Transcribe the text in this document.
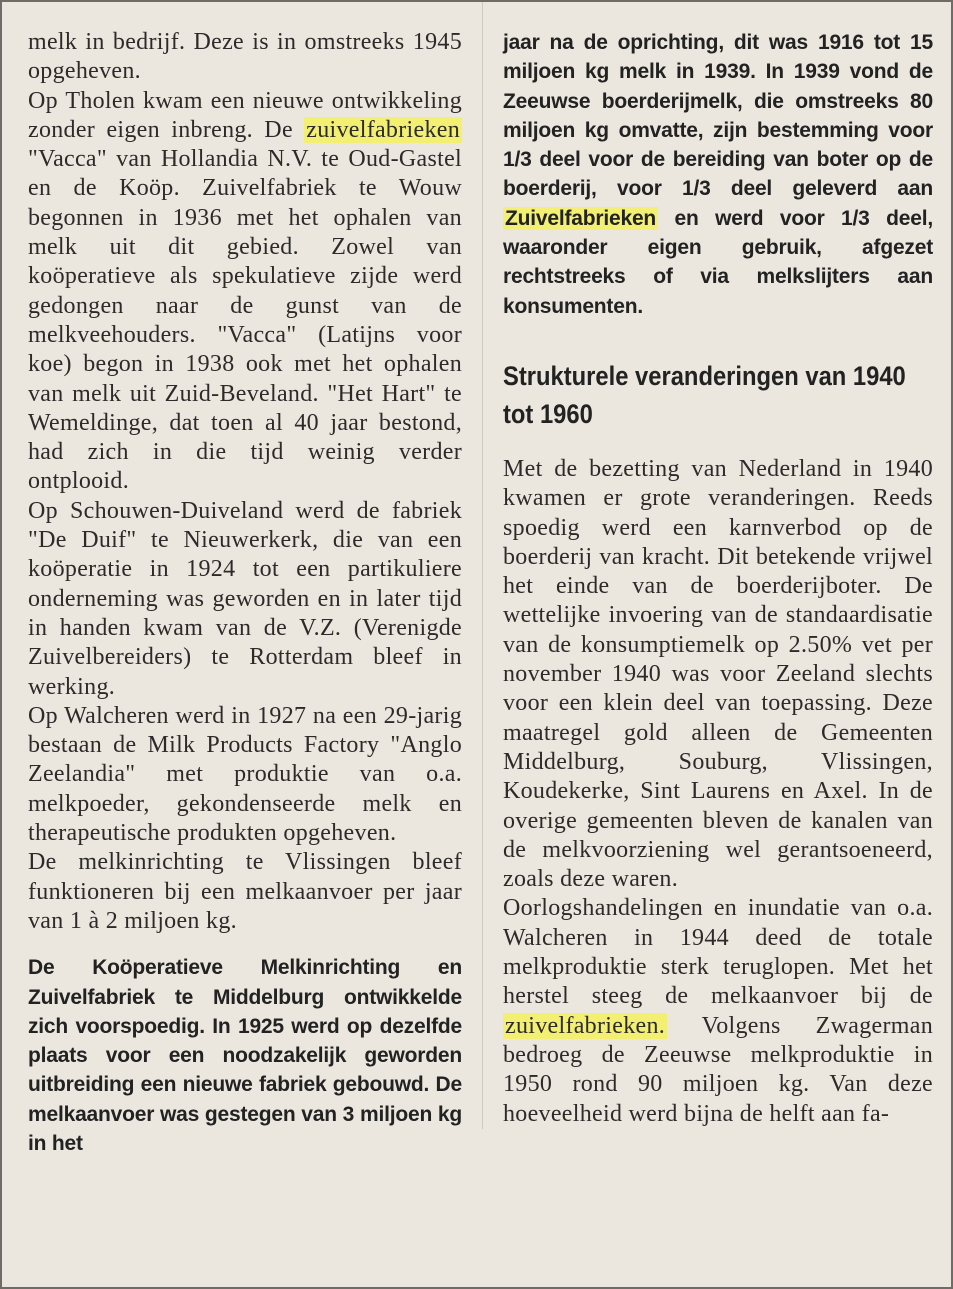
melk in bedrijf. Deze is in omstreeks 1945 opgeheven.

Op Tholen kwam een nieuwe ontwikkeling zonder eigen inbreng. De zuivelfabrieken "Vacca" van Hollandia N.V. te Oud-Gastel en de Koöp. Zuivelfabriek te Wouw begonnen in 1936 met het ophalen van melk uit dit gebied. Zowel van koöperatieve als spekulatieve zijde werd gedongen naar de gunst van de melkveehouders. "Vacca" (Latijns voor koe) begon in 1938 ook met het ophalen van melk uit Zuid-Beveland. "Het Hart" te Wemeldinge, dat toen al 40 jaar bestond, had zich in die tijd weinig verder ontplooid.

Op Schouwen-Duiveland werd de fabriek "De Duif" te Nieuwerkerk, die van een koöperatie in 1924 tot een partikuliere onderneming was geworden en in later tijd in handen kwam van de V.Z. (Verenigde Zuivelbereiders) te Rotterdam bleef in werking.

Op Walcheren werd in 1927 na een 29-jarig bestaan de Milk Products Factory "Anglo Zeelandia" met produktie van o.a. melkpoeder, gekondenseerde melk en therapeutische produkten opgeheven.

De melkinrichting te Vlissingen bleef funktioneren bij een melkaanvoer per jaar van 1 à 2 miljoen kg.

De Koöperatieve Melkinrichting en Zuivelfabriek te Middelburg ontwikkelde zich voorspoedig. In 1925 werd op dezelfde plaats voor een noodzakelijk geworden uitbreiding een nieuwe fabriek gebouwd. De melkaanvoer was gestegen van 3 miljoen kg in het

jaar na de oprichting, dit was 1916 tot 15 miljoen kg melk in 1939. In 1939 vond de Zeeuwse boerderijmelk, die omstreeks 80 miljoen kg omvatte, zijn bestemming voor 1/3 deel voor de bereiding van boter op de boerderij, voor 1/3 deel geleverd aan Zuivelfabrieken en werd voor 1/3 deel, waaronder eigen gebruik, afgezet rechtstreeks of via melkslijters aan konsumenten.

Strukturele veranderingen van 1940 tot 1960

Met de bezetting van Nederland in 1940 kwamen er grote veranderingen. Reeds spoedig werd een karnverbod op de boerderij van kracht. Dit betekende vrijwel het einde van de boerderijboter. De wettelijke invoering van de standaardisatie van de konsumptiemelk op 2.50% vet per november 1940 was voor Zeeland slechts voor een klein deel van toepassing. Deze maatregel gold alleen de Gemeenten Middelburg, Souburg, Vlissingen, Koudekerke, Sint Laurens en Axel. In de overige gemeenten bleven de kanalen van de melkvoorziening wel gerantsoeneerd, zoals deze waren.

Oorlogshandelingen en inundatie van o.a. Walcheren in 1944 deed de totale melkproduktie sterk teruglopen. Met het herstel steeg de melkaanvoer bij de zuivelfabrieken. Volgens Zwagerman bedroeg de Zeeuwse melkproduktie in 1950 rond 90 miljoen kg. Van deze hoeveelheid werd bijna de helft aan fa-
